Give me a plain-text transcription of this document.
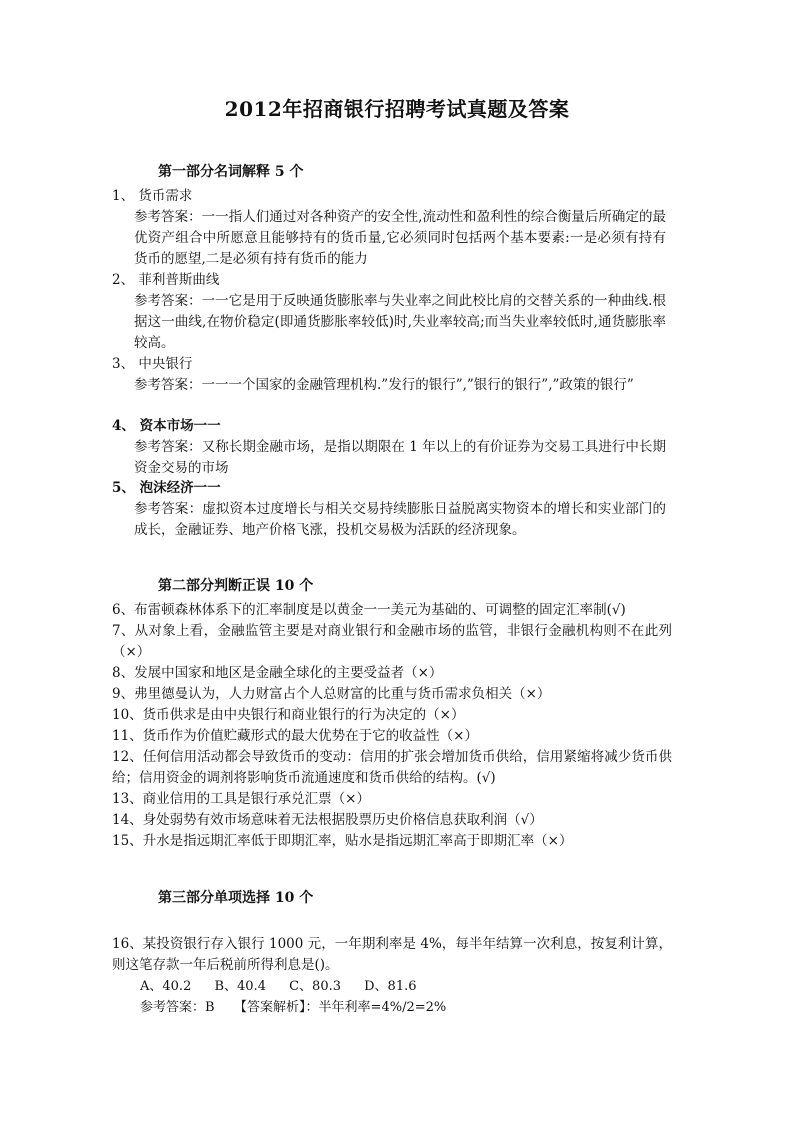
2012年招商银行招聘考试真题及答案
第一部分名词解释 5 个
1、 货币需求
参考答案：一一指人们通过对各种资产的安全性,流动性和盈利性的综合衡量后所确定的最优资产组合中所愿意且能够持有的货币量,它必须同时包括两个基本要素:一是必须有持有货币的愿望,二是必须有持有货币的能力
2、 菲利普斯曲线
参考答案：一一它是用于反映通货膨胀率与失业率之间此校比肩的交替关系的一种曲线.根据这一曲线,在物价稳定(即通货膨胀率较低)时,失业率较高;而当失业率较低时,通货膨胀率较高。
3、 中央银行
参考答案：一一一个国家的金融管理机构.”发行的银行”,”银行的银行”,”政策的银行”
4、 资本市场一一
参考答案：又称长期金融市场，是指以期限在 1 年以上的有价证券为交易工具进行中长期资金交易的市场
5、 泡沫经济一一
参考答案：虚拟资本过度增长与相关交易持续膨胀日益脱离实物资本的增长和实业部门的成长，金融证券、地产价格飞涨，投机交易极为活跃的经济现象。
第二部分判断正误 10 个
6、布雷顿森林体系下的汇率制度是以黄金一一美元为基础的、可调整的固定汇率制(√)
7、从对象上看，金融监管主要是对商业银行和金融市场的监管，非银行金融机构则不在此列（×）
8、发展中国家和地区是金融全球化的主要受益者（×）
9、弗里德曼认为，人力财富占个人总财富的比重与货币需求负相关（×）
10、货币供求是由中央银行和商业银行的行为决定的（×）
11、货币作为价值贮藏形式的最大优势在于它的收益性（×）
12、任何信用活动都会导致货币的变动：信用的扩张会增加货币供给，信用紧缩将减少货币供给；信用资金的调剂将影响货币流通速度和货币供给的结构。(√)
13、商业信用的工具是银行承兑汇票（×）
14、身处弱势有效市场意味着无法根据股票历史价格信息获取利润（√）
15、升水是指远期汇率低于即期汇率，贴水是指远期汇率高于即期汇率（×）
第三部分单项选择 10 个
16、某投资银行存入银行 1000 元，一年期利率是 4%，每半年结算一次利息，按复利计算，则这笔存款一年后税前所得利息是()。
A、40.2 　B、40.4 　C、80.3 　D、81.6
参考答案：B　　【答案解析】：半年利率=4%/2=2%
